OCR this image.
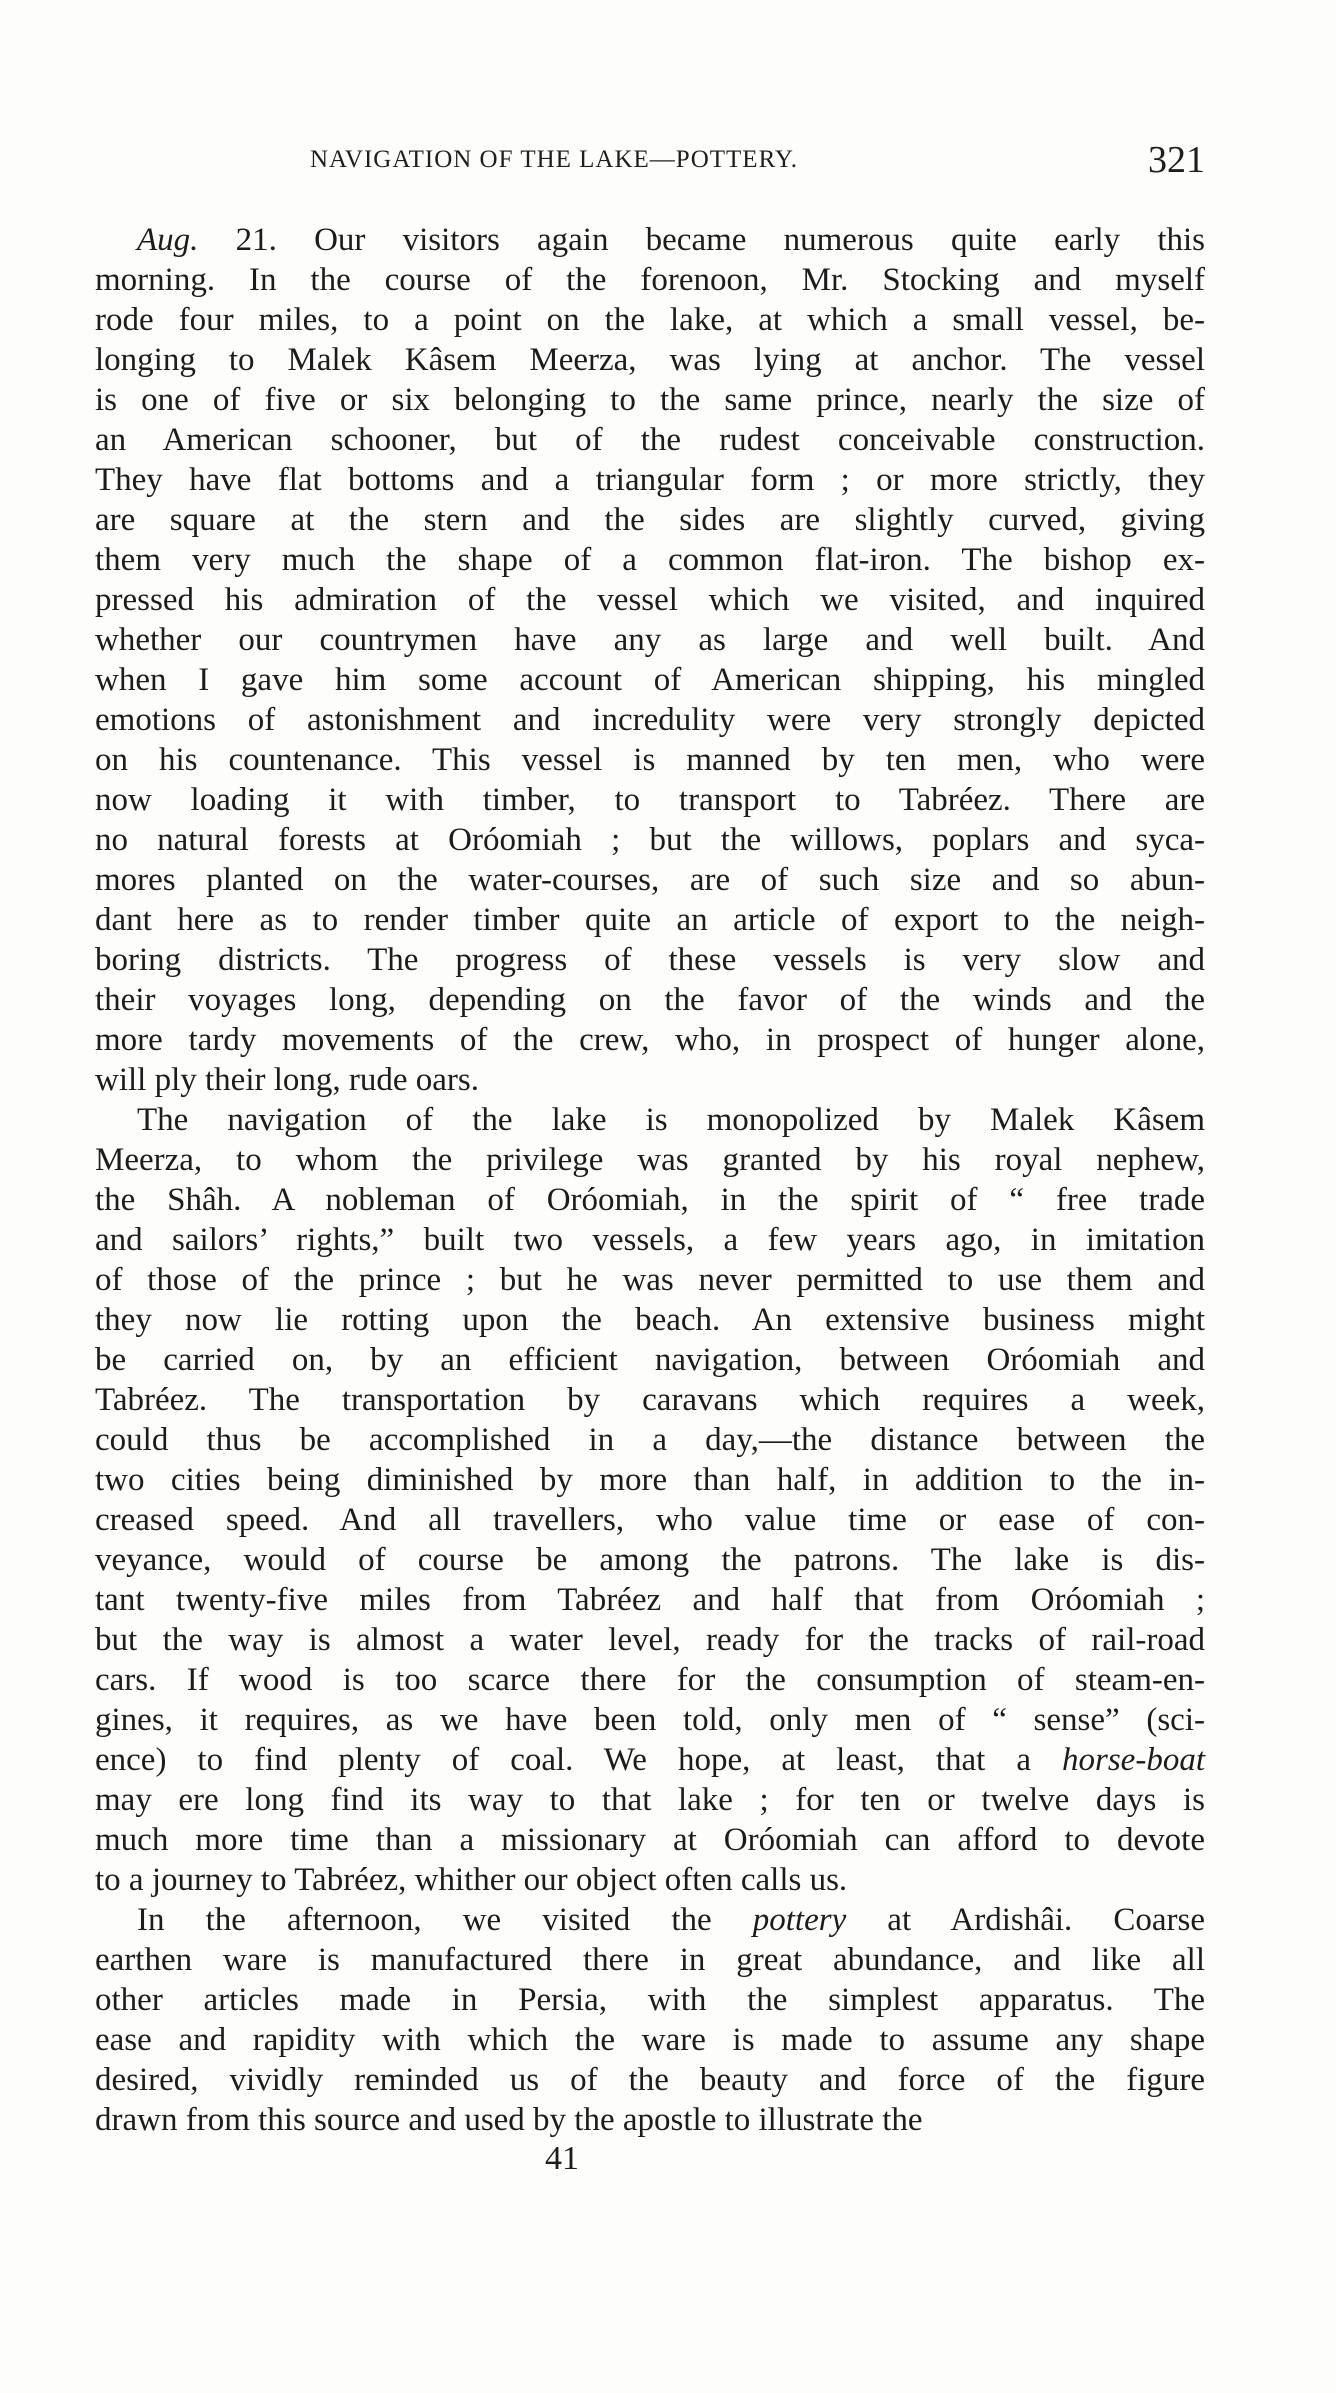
NAVIGATION OF THE LAKE—POTTERY.	321
Aug. 21. Our visitors again became numerous quite early this
morning. In the course of the forenoon, Mr. Stocking and myself
rode four miles, to a point on the lake, at which a small vessel, be-
longing to Malek Kâsem Meerza, was lying at anchor. The vessel
is one of five or six belonging to the same prince, nearly the size of
an American schooner, but of the rudest conceivable construction.
They have flat bottoms and a triangular form ; or more strictly, they
are square at the stern and the sides are slightly curved, giving
them very much the shape of a common flat-iron. The bishop ex-
pressed his admiration of the vessel which we visited, and inquired
whether our countrymen have any as large and well built. And
when I gave him some account of American shipping, his mingled
emotions of astonishment and incredulity were very strongly depicted
on his countenance. This vessel is manned by ten men, who were
now loading it with timber, to transport to Tabréez. There are
no natural forests at Oróomiah ; but the willows, poplars and syca-
mores planted on the water-courses, are of such size and so abun-
dant here as to render timber quite an article of export to the neigh-
boring districts. The progress of these vessels is very slow and
their voyages long, depending on the favor of the winds and the
more tardy movements of the crew, who, in prospect of hunger alone,
will ply their long, rude oars.
The navigation of the lake is monopolized by Malek Kâsem
Meerza, to whom the privilege was granted by his royal nephew,
the Shâh. A nobleman of Oróomiah, in the spirit of “ free trade
and sailors’ rights,” built two vessels, a few years ago, in imitation
of those of the prince ; but he was never permitted to use them and
they now lie rotting upon the beach. An extensive business might
be carried on, by an efficient navigation, between Oróomiah and
Tabréez. The transportation by caravans which requires a week,
could thus be accomplished in a day,—the distance between the
two cities being diminished by more than half, in addition to the in-
creased speed. And all travellers, who value time or ease of con-
veyance, would of course be among the patrons. The lake is dis-
tant twenty-five miles from Tabréez and half that from Oróomiah ;
but the way is almost a water level, ready for the tracks of rail-road
cars. If wood is too scarce there for the consumption of steam-en-
gines, it requires, as we have been told, only men of “ sense” (sci-
ence) to find plenty of coal. We hope, at least, that a horse-boat
may ere long find its way to that lake ; for ten or twelve days is
much more time than a missionary at Oróomiah can afford to devote
to a journey to Tabréez, whither our object often calls us.
In the afternoon, we visited the pottery at Ardishâi. Coarse
earthen ware is manufactured there in great abundance, and like all
other articles made in Persia, with the simplest apparatus. The
ease and rapidity with which the ware is made to assume any shape
desired, vividly reminded us of the beauty and force of the figure
drawn from this source and used by the apostle to illustrate the
41
